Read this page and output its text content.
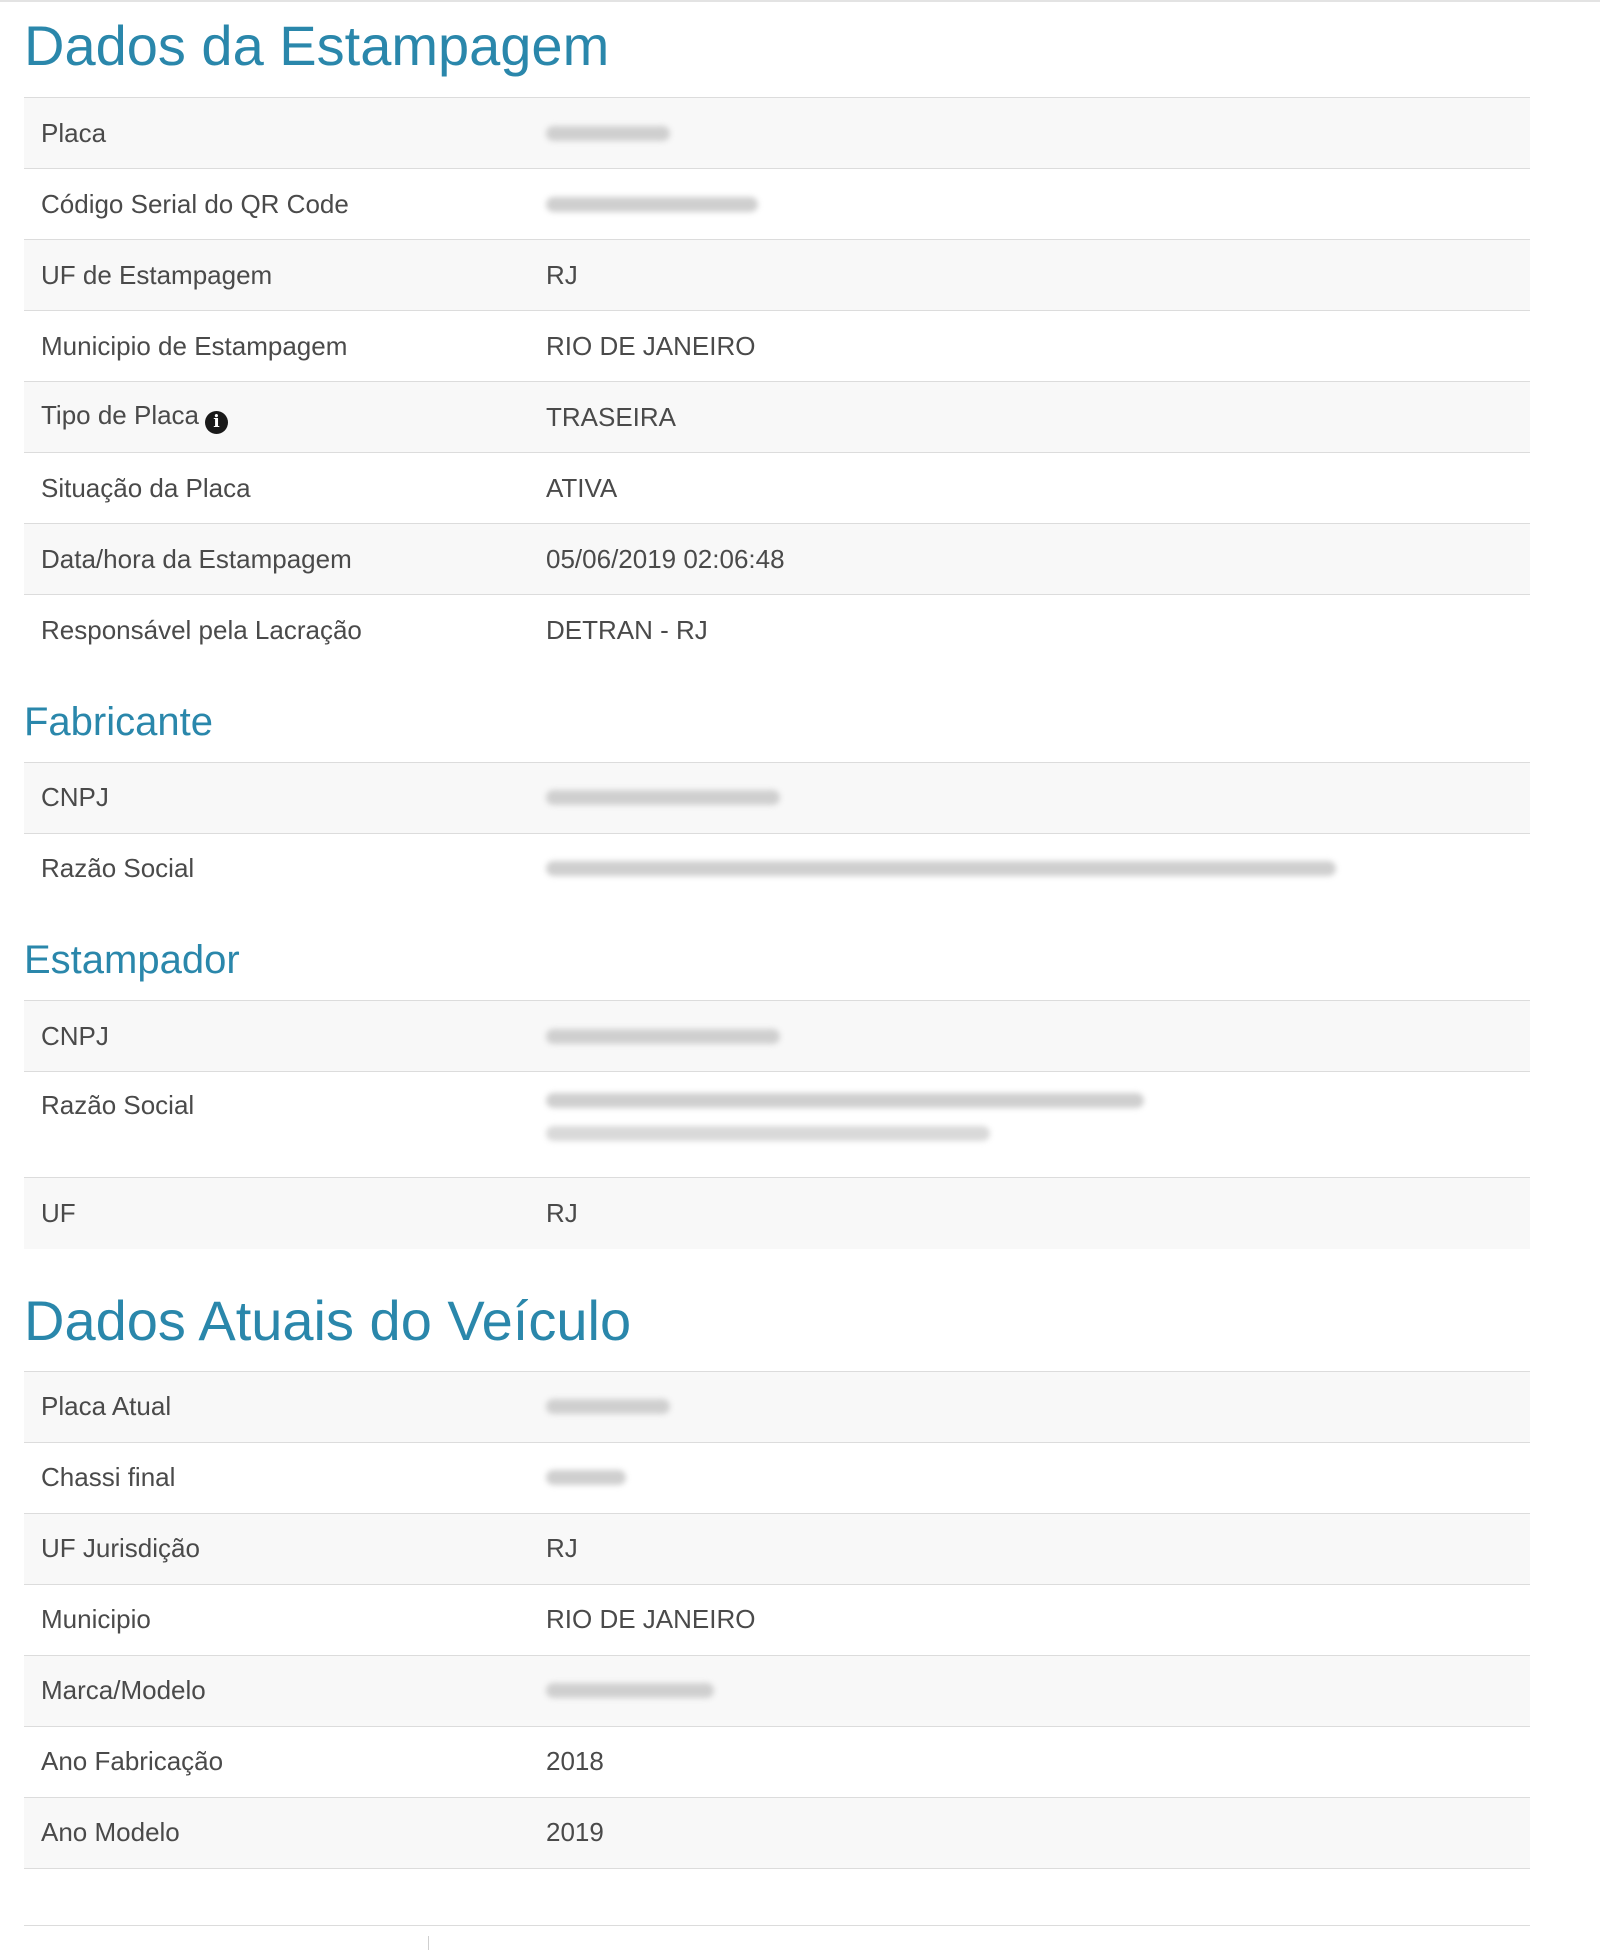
Dados da Estampagem
Placa	

Código Serial do QR Code	

UF de Estampagem	RJ
Municipio de Estampagem	RIO DE JANEIRO
Tipo de Placa i	TRASEIRA
Situação da Placa	ATIVA
Data/hora da Estampagem	05/06/2019 02:06:48
Responsável pela Lacração	DETRAN - RJ
Fabricante
CNPJ	

Razão Social	
Estampador
CNPJ	

Razão Social	

UF	RJ
Dados Atuais do Veículo
Placa Atual	

Chassi final	

UF Jurisdição	RJ
Municipio	RIO DE JANEIRO
Marca/Modelo	

Ano Fabricação	2018
Ano Modelo	2019
